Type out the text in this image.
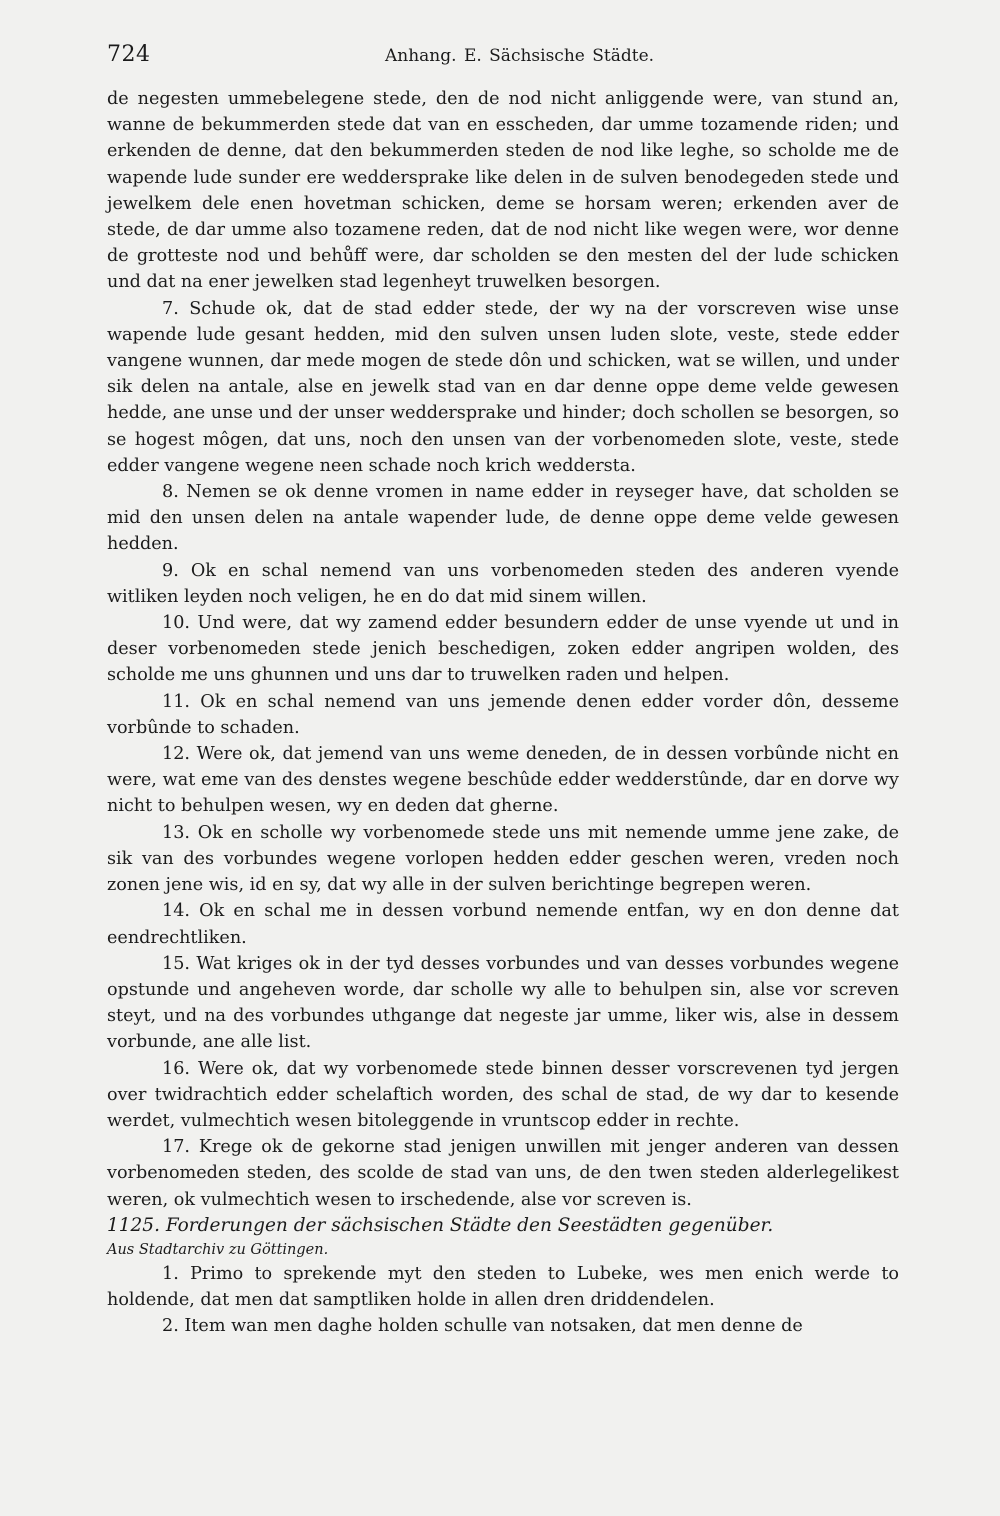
724	Anhang. E. Sächsische Städte.

de negesten ummebelegene stede, den de nod nicht anliggende were, van stund an, wanne de bekummerden stede dat van en esscheden, dar umme tozamende riden; und erkenden de denne, dat den bekummerden steden de nod like leghe, so scholde me de wapende lude sunder ere weddersprake like delen in de sulven benodegeden stede und jewelkem dele enen hovetman schicken, deme se horsam weren; erkenden aver de stede, de dar umme also tozamene reden, dat de nod nicht like wegen were, wor denne de grotteste nod und behůff were, dar scholden se den mesten del der lude schicken und dat na ener jewelken stad legenheyt truwelken besorgen.

7. Schude ok, dat de stad edder stede, der wy na der vorscreven wise unse wapende lude gesant hedden, mid den sulven unsen luden slote, veste, stede edder vangene wunnen, dar mede mogen de stede dôn und schicken, wat se willen, und under sik delen na antale, alse en jewelk stad van en dar denne oppe deme velde gewesen hedde, ane unse und der unser weddersprake und hinder; doch schollen se besorgen, so se hogest môgen, dat uns, noch den unsen van der vorbenomeden slote, veste, stede edder vangene wegene neen schade noch krich weddersta.

8. Nemen se ok denne vromen in name edder in reyseger have, dat scholden se mid den unsen delen na antale wapender lude, de denne oppe deme velde gewesen hedden.

9. Ok en schal nemend van uns vorbenomeden steden des anderen vyende witliken leyden noch veligen, he en do dat mid sinem willen.

10. Und were, dat wy zamend edder besundern edder de unse vyende ut und in deser vorbenomeden stede jenich beschedigen, zoken edder angripen wolden, des scholde me uns ghunnen und uns dar to truwelken raden und helpen.

11. Ok en schal nemend van uns jemende denen edder vorder dôn, desseme vorbûnde to schaden.

12. Were ok, dat jemend van uns weme deneden, de in dessen vorbûnde nicht en were, wat eme van des denstes wegene beschûde edder wedderstûnde, dar en dorve wy nicht to behulpen wesen, wy en deden dat gherne.

13. Ok en scholle wy vorbenomede stede uns mit nemende umme jene zake, de sik van des vorbundes wegene vorlopen hedden edder geschen weren, vreden noch zonen jene wis, id en sy, dat wy alle in der sulven berichtinge begrepen weren.

14. Ok en schal me in dessen vorbund nemende entfan, wy en don denne dat eendrechtliken.

15. Wat kriges ok in der tyd desses vorbundes und van desses vorbundes wegene opstunde und angeheven worde, dar scholle wy alle to behulpen sin, alse vor screven steyt, und na des vorbundes uthgange dat negeste jar umme, liker wis, alse in dessem vorbunde, ane alle list.

16. Were ok, dat wy vorbenomede stede binnen desser vorscrevenen tyd jergen over twidrachtich edder schelaftich worden, des schal de stad, de wy dar to kesende werdet, vulmechtich wesen bitoleggende in vruntscop edder in rechte.

17. Krege ok de gekorne stad jenigen unwillen mit jenger anderen van dessen vorbenomeden steden, des scolde de stad van uns, de den twen steden alderlegelikest weren, ok vulmechtich wesen to irschedende, alse vor screven is.

1125. Forderungen der sächsischen Städte den Seestädten gegenüber.

Aus Stadtarchiv zu Göttingen.

1. Primo to sprekende myt den steden to Lubeke, wes men enich werde to holdende, dat men dat samptliken holde in allen dren driddendelen.

2. Item wan men daghe holden schulle van notsaken, dat men denne de
